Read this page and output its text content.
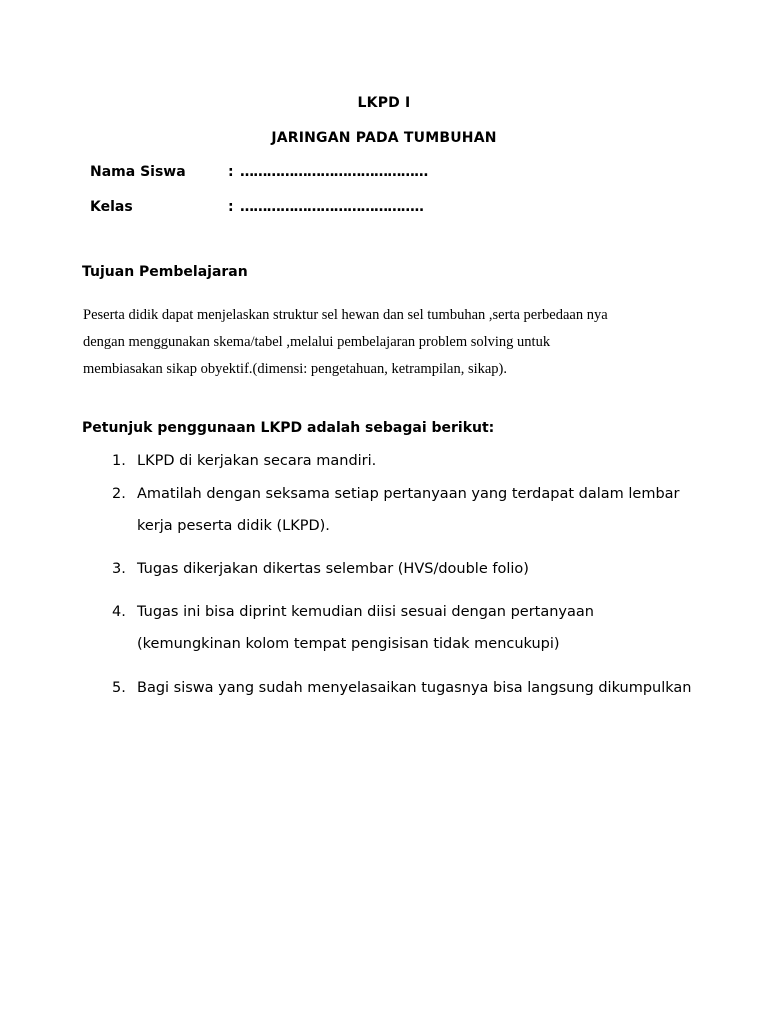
LKPD I
JARINGAN PADA TUMBUHAN
Nama Siswa	: ……………………………………
Kelas	: …………………………………..
Tujuan Pembelajaran
Peserta didik dapat menjelaskan struktur sel hewan dan sel tumbuhan ,serta perbedaan nya
dengan menggunakan skema/tabel ,melalui pembelajaran problem solving untuk
membiasakan sikap obyektif.(dimensi: pengetahuan, ketrampilan, sikap).
Petunjuk penggunaan LKPD adalah sebagai berikut:
1. LKPD di kerjakan secara mandiri.
2. Amatilah dengan seksama setiap pertanyaan yang terdapat dalam lembar
kerja peserta didik (LKPD).
3. Tugas dikerjakan dikertas selembar (HVS/double folio)
4. Tugas ini bisa diprint kemudian diisi sesuai dengan pertanyaan
(kemungkinan kolom tempat pengisisan tidak mencukupi)
5. Bagi siswa yang sudah menyelasaikan tugasnya bisa langsung dikumpulkan
